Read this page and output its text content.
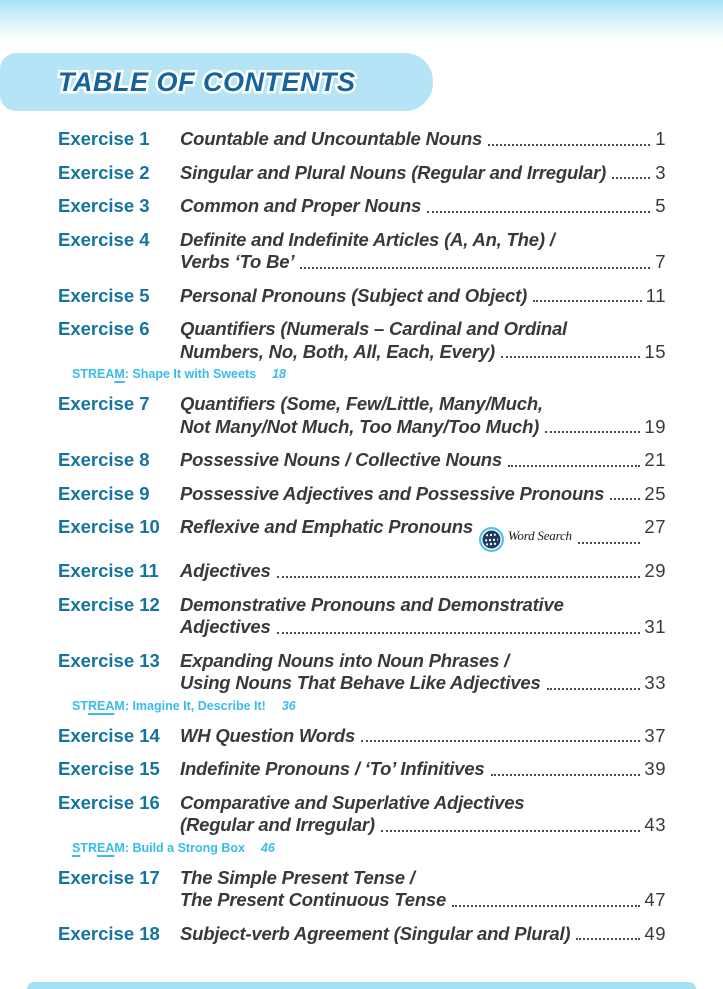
TABLE OF CONTENTS
Exercise 1	Countable and Uncountable Nouns	1
Exercise 2	Singular and Plural Nouns (Regular and Irregular)	3
Exercise 3	Common and Proper Nouns	5
Exercise 4	Definite and Indefinite Articles (A, An, The) /
Verbs ‘To Be’	7
Exercise 5	Personal Pronouns (Subject and Object)	11
Exercise 6	Quantifiers (Numerals – Cardinal and Ordinal
Numbers, No, Both, All, Each, Every)	15
STREAM: Shape It with Sweets 18
Exercise 7	Quantifiers (Some, Few/Little, Many/Much,
Not Many/Not Much, Too Many/Too Much)	19
Exercise 8	Possessive Nouns / Collective Nouns	21
Exercise 9	Possessive Adjectives and Possessive Pronouns 25
Exercise 10	Reflexive and Emphatic Pronouns	Word Search	27
Exercise 11	Adjectives	29
Exercise 12	Demonstrative Pronouns and Demonstrative
Adjectives	31
Exercise 13	Expanding Nouns into Noun Phrases /
Using Nouns That Behave Like Adjectives	33
STREAM: Imagine It, Describe It! 36
Exercise 14	WH Question Words	37
Exercise 15	Indefinite Pronouns / ‘To’ Infinitives	39
Exercise 16	Comparative and Superlative Adjectives
(Regular and Irregular)	43
STREAM: Build a Strong Box 46
Exercise 17	The Simple Present Tense /
The Present Continuous Tense	47
Exercise 18	Subject-verb Agreement (Singular and Plural)	49
